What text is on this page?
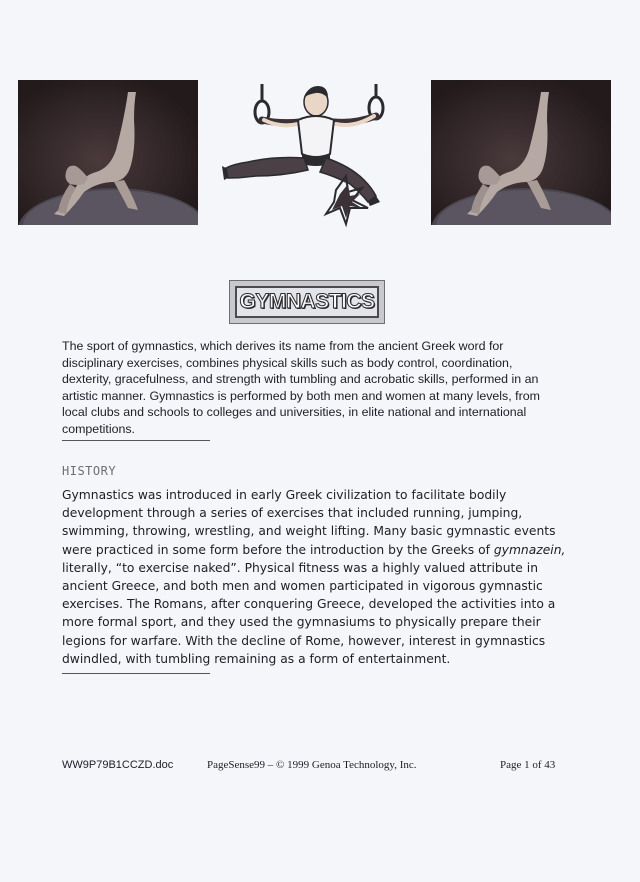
GYMNASTICS

The sport of gymnastics, which derives its name from the ancient Greek word for disciplinary exercises, combines physical skills such as body control, coordination, dexterity, gracefulness, and strength with tumbling and acrobatic skills, performed in an artistic manner. Gymnastics is performed by both men and women at many levels, from local clubs and schools to colleges and universities, in elite national and international competitions.

HISTORY

Gymnastics was introduced in early Greek civilization to facilitate bodily development through a series of exercises that included running, jumping, swimming, throwing, wrestling, and weight lifting. Many basic gymnastic events were practiced in some form before the introduction by the Greeks of gymnazein, literally, “to exercise naked”. Physical fitness was a highly valued attribute in ancient Greece, and both men and women participated in vigorous gymnastic exercises. The Romans, after conquering Greece, developed the activities into a more formal sport, and they used the gymnasiums to physically prepare their legions for warfare. With the decline of Rome, however, interest in gymnastics dwindled, with tumbling remaining as a form of entertainment.

WW9P79B1CCZD.doc	PageSense99 – © 1999 Genoa Technology, Inc.	Page 1 of 43
